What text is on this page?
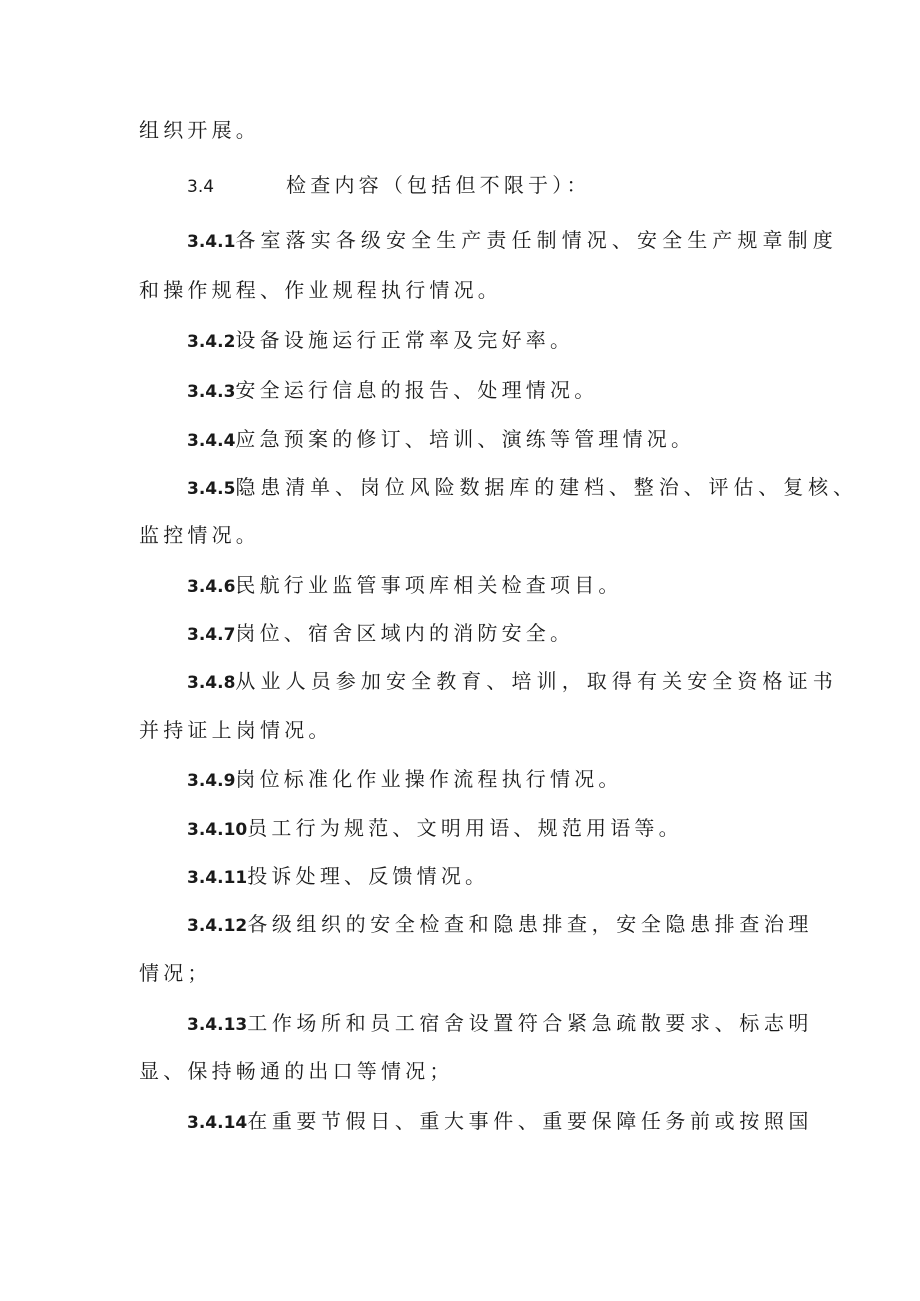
组织开展。
3.4	检查内容（包括但不限于）：
3.4.1各室落实各级安全生产责任制情况、安全生产规章制度
和操作规程、作业规程执行情况。
3.4.2设备设施运行正常率及完好率。
3.4.3安全运行信息的报告、处理情况。
3.4.4应急预案的修订、培训、演练等管理情况。
3.4.5隐患清单、岗位风险数据库的建档、整治、评估、复核、
监控情况。
3.4.6民航行业监管事项库相关检查项目。
3.4.7岗位、宿舍区域内的消防安全。
3.4.8从业人员参加安全教育、培训，取得有关安全资格证书
并持证上岗情况。
3.4.9岗位标准化作业操作流程执行情况。
3.4.10员工行为规范、文明用语、规范用语等。
3.4.11投诉处理、反馈情况。
3.4.12各级组织的安全检查和隐患排查，安全隐患排查治理
情况；
3.4.13工作场所和员工宿舍设置符合紧急疏散要求、标志明
显、保持畅通的出口等情况；
3.4.14在重要节假日、重大事件、重要保障任务前或按照国
